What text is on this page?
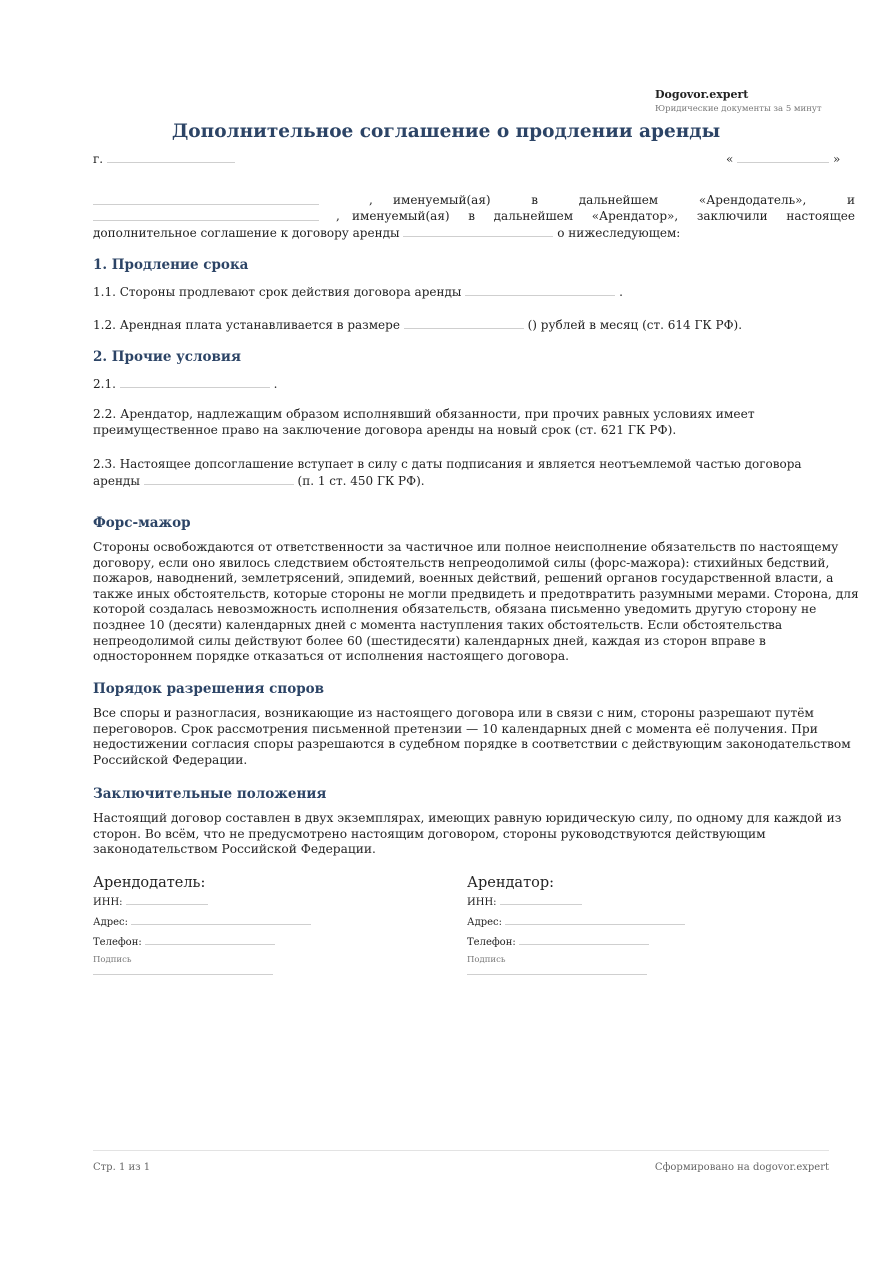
Dogovor.expert
Юридические документы за 5 минут
Дополнительное соглашение о продлении аренды
г.	«	»
, именуемый(ая) в дальнейшем «Арендодатель», и
, именуемый(ая) в дальнейшем «Арендатор», заключили настоящее
дополнительное соглашение к договору аренды	о нижеследующем:
1. Продление срока
1.1. Стороны продлевают срок действия договора аренды	.
1.2. Арендная плата устанавливается в размере	() рублей в месяц (ст. 614 ГК РФ).
2. Прочие условия
2.1.	.
2.2. Арендатор, надлежащим образом исполнявший обязанности, при прочих равных условиях имеет преимущественное право на заключение договора аренды на новый срок (ст. 621 ГК РФ).
2.3. Настоящее допсоглашение вступает в силу с даты подписания и является неотъемлемой частью договора
аренды	(п. 1 ст. 450 ГК РФ).
Форс-мажор
Стороны освобождаются от ответственности за частичное или полное неисполнение обязательств по настоящему договору, если оно явилось следствием обстоятельств непреодолимой силы (форс-мажора): стихийных бедствий, пожаров, наводнений, землетрясений, эпидемий, военных действий, решений органов государственной власти, а также иных обстоятельств, которые стороны не могли предвидеть и предотвратить разумными мерами. Сторона, для которой создалась невозможность исполнения обязательств, обязана письменно уведомить другую сторону не позднее 10 (десяти) календарных дней с момента наступления таких обстоятельств. Если обстоятельства непреодолимой силы действуют более 60 (шестидесяти) календарных дней, каждая из сторон вправе в одностороннем порядке отказаться от исполнения настоящего договора.
Порядок разрешения споров
Все споры и разногласия, возникающие из настоящего договора или в связи с ним, стороны разрешают путём переговоров. Срок рассмотрения письменной претензии — 10 календарных дней с момента её получения. При недостижении согласия споры разрешаются в судебном порядке в соответствии с действующим законодательством Российской Федерации.
Заключительные положения
Настоящий договор составлен в двух экземплярах, имеющих равную юридическую силу, по одному для каждой из сторон. Во всём, что не предусмотрено настоящим договором, стороны руководствуются действующим законодательством Российской Федерации.
Арендодатель:
ИНН:
Адрес:
Телефон:
Подпись
Арендатор:
ИНН:
Адрес:
Телефон:
Подпись
Стр. 1 из 1	Сформировано на dogovor.expert
